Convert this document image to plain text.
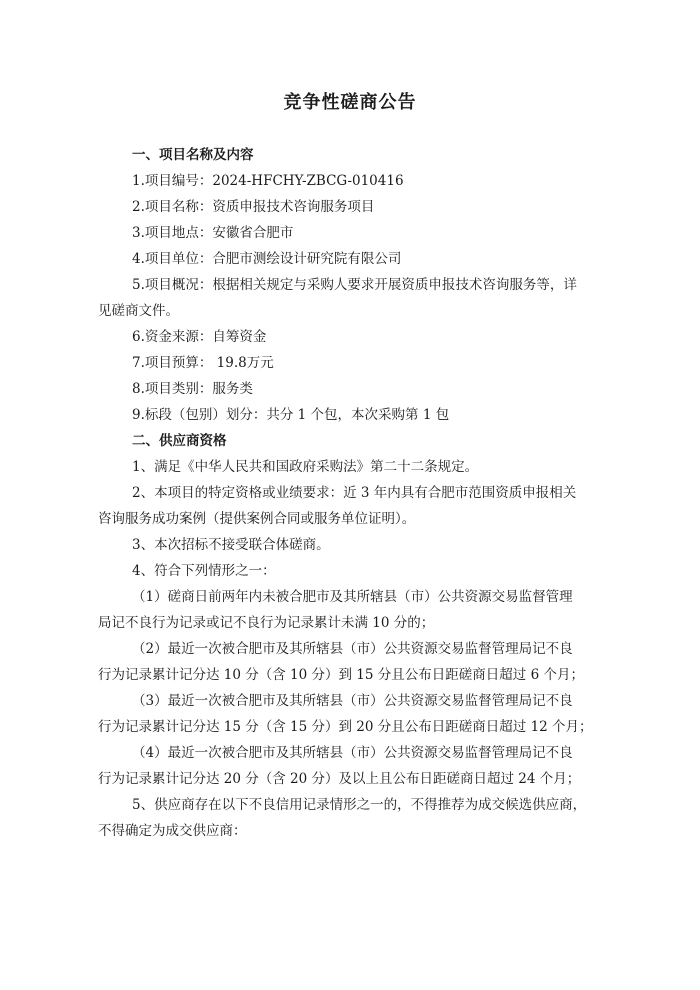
竞争性磋商公告
一、项目名称及内容
1.项目编号：2024-HFCHY-ZBCG-010416
2.项目名称：资质申报技术咨询服务项目
3.项目地点：安徽省合肥市
4.项目单位：合肥市测绘设计研究院有限公司
5.项目概况：根据相关规定与采购人要求开展资质申报技术咨询服务等，详
见磋商文件。
6.资金来源：自筹资金
7.项目预算： 19.8万元
8.项目类别：服务类
9.标段（包别）划分：共分 1 个包，本次采购第 1 包
二、供应商资格
1、满足《中华人民共和国政府采购法》第二十二条规定。
2、本项目的特定资格或业绩要求：近 3 年内具有合肥市范围资质申报相关
咨询服务成功案例（提供案例合同或服务单位证明）。
3、本次招标不接受联合体磋商。
4、符合下列情形之一：
（1）磋商日前两年内未被合肥市及其所辖县（市）公共资源交易监督管理
局记不良行为记录或记不良行为记录累计未满 10 分的；
（2）最近一次被合肥市及其所辖县（市）公共资源交易监督管理局记不良
行为记录累计记分达 10 分（含 10 分）到 15 分且公布日距磋商日超过 6 个月；
（3）最近一次被合肥市及其所辖县（市）公共资源交易监督管理局记不良
行为记录累计记分达 15 分（含 15 分）到 20 分且公布日距磋商日超过 12 个月；
（4）最近一次被合肥市及其所辖县（市）公共资源交易监督管理局记不良
行为记录累计记分达 20 分（含 20 分）及以上且公布日距磋商日超过 24 个月；
5、供应商存在以下不良信用记录情形之一的，不得推荐为成交候选供应商，
不得确定为成交供应商：
